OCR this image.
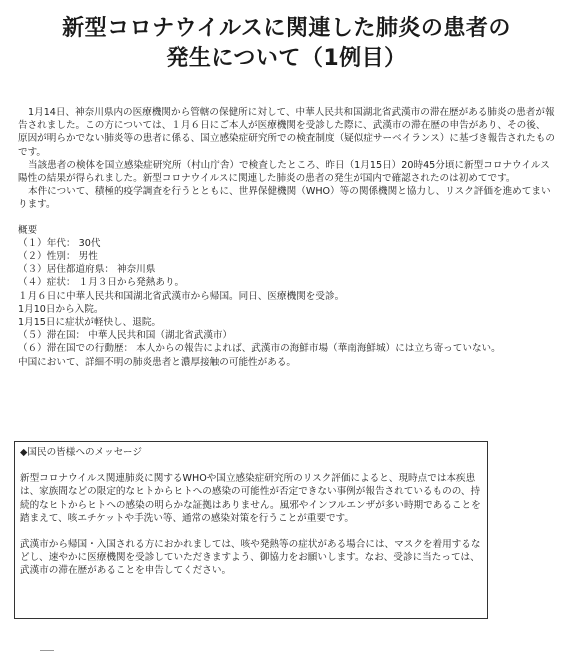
新型コロナウイルスに関連した肺炎の患者の
発生について（1例目）

1月14日、神奈川県内の医療機関から管轄の保健所に対して、中華人民共和国湖北省武漢市の滞在歴がある肺炎の患者が報告されました。この方については、１月６日にご本人が医療機関を受診した際に、武漢市の滞在歴の申告があり、その後、原因が明らかでない肺炎等の患者に係る、国立感染症研究所での検査制度（疑似症サーベイランス）に基づき報告されたものです。

当該患者の検体を国立感染症研究所（村山庁舎）で検査したところ、昨日（1月15日）20時45分頃に新型コロナウイルス陽性の結果が得られました。新型コロナウイルスに関連した肺炎の患者の発生が国内で確認されたのは初めてです。

本件について、積極的疫学調査を行うとともに、世界保健機関（WHO）等の関係機関と協力し、リスク評価を進めてまいります。

概要

（１）年代： 30代

（２）性別： 男性

（３）居住都道府県： 神奈川県

（４）症状： １月３日から発熱あり。

１月６日に中華人民共和国湖北省武漢市から帰国。同日、医療機関を受診。

1月10日から入院。

1月15日に症状が軽快し、退院。

（５）滞在国： 中華人民共和国（湖北省武漢市）

（６）滞在国での行動歴： 本人からの報告によれば、武漢市の海鮮市場（華南海鮮城）には立ち寄っていない。

中国において、詳細不明の肺炎患者と濃厚接触の可能性がある。

◆国民の皆様へのメッセージ

新型コロナウイルス関連肺炎に関するWHOや国立感染症研究所のリスク評価によると、現時点では本疾患は、家族間などの限定的なヒトからヒトへの感染の可能性が否定できない事例が報告されているものの、持続的なヒトからヒトへの感染の明らかな証拠はありません。風邪やインフルエンザが多い時期であることを踏まえて、咳エチケットや手洗い等、通常の感染対策を行うことが重要です。

武漢市から帰国・入国される方におかれましては、咳や発熱等の症状がある場合には、マスクを着用するなどし、速やかに医療機関を受診していただきますよう、御協力をお願いします。なお、受診に当たっては、武漢市の滞在歴があることを申告してください。
